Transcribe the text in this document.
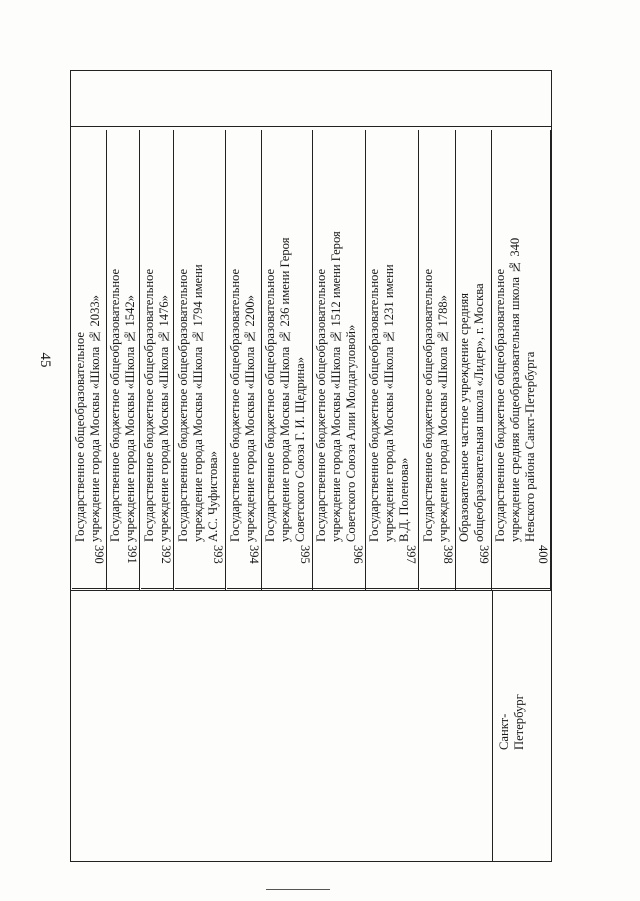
45
390
Государственное общеобразовательное
учреждение города Москвы «Школа № 2033»
391
Государственное бюджетное общеобразовательное
учреждение города Москвы «Школа № 1542»
392
Государственное бюджетное общеобразовательное
учреждение города Москвы «Школа № 1476»
393
Государственное бюджетное общеобразовательное
учреждение города Москвы «Школа № 1794 имени
А.С. Чуфистова»
394
Государственное бюджетное общеобразовательное
учреждение города Москвы «Школа № 2200»
395
Государственное бюджетное общеобразовательное
учреждение города Москвы «Школа № 236 имени Героя
Советского Союза Г. И. Щедрина»
396
Государственное бюджетное общеобразовательное
учреждение города Москвы «Школа № 1512 имени Героя
Советского Союза Алии Молдагуловой»
397
Государственное бюджетное общеобразовательное
учреждение города Москвы «Школа № 1231 имени
В.Д. Поленова»
398
Государственное бюджетное общеобразовательное
учреждение города Москвы «Школа № 1788»
399
Образовательное частное учреждение средняя
общеобразовательная школа «Лидер», г. Москва
400
Государственное бюджетное общеобразовательное
учреждение средняя общеобразовательная школа № 340
Невского района Санкт-Петербурга
Санкт-
Петербург
